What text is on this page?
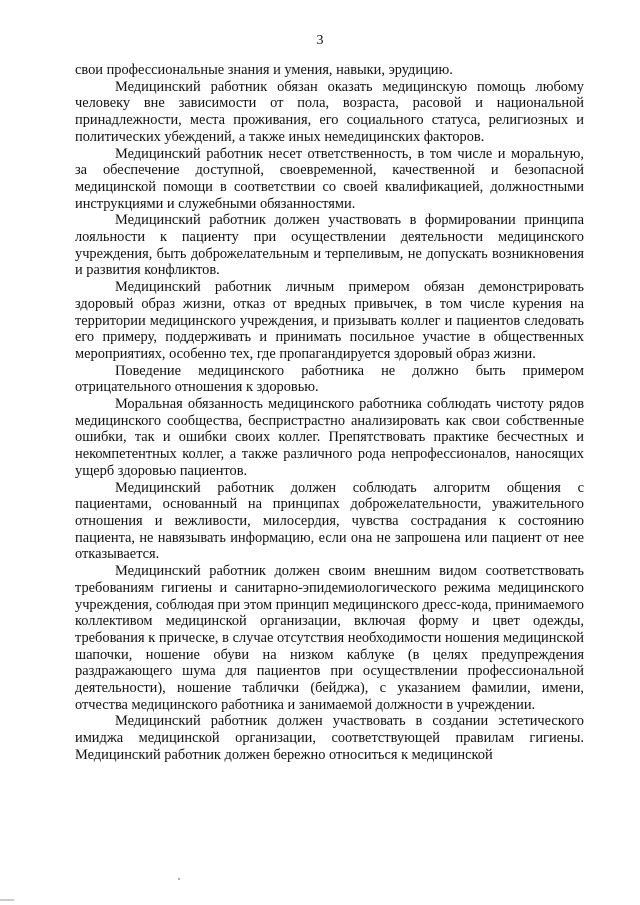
3

свои профессиональные знания и умения, навыки, эрудицию.

Медицинский работник обязан оказать медицинскую помощь любому человеку вне зависимости от пола, возраста, расовой и национальной принадлежности, места проживания, его социального статуса, религиозных и политических убеждений, а также иных немедицинских факторов.

Медицинский работник несет ответственность, в том числе и моральную, за обеспечение доступной, своевременной, качественной и безопасной медицинской помощи в соответствии со своей квалификацией, должностными инструкциями и служебными обязанностями.

Медицинский работник должен участвовать в формировании принципа лояльности к пациенту при осуществлении деятельности медицинского учреждения, быть доброжелательным и терпеливым, не допускать возникновения и развития конфликтов.

Медицинский работник личным примером обязан демонстрировать здоровый образ жизни, отказ от вредных привычек, в том числе курения на территории медицинского учреждения, и призывать коллег и пациентов следовать его примеру, поддерживать и принимать посильное участие в общественных мероприятиях, особенно тех, где пропагандируется здоровый образ жизни.

Поведение медицинского работника не должно быть примером отрицательного отношения к здоровью.

Моральная обязанность медицинского работника соблюдать чистоту рядов медицинского сообщества, беспристрастно анализировать как свои собственные ошибки, так и ошибки своих коллег. Препятствовать практике бесчестных и некомпетентных коллег, а также различного рода непрофессионалов, наносящих ущерб здоровью пациентов.

Медицинский работник должен соблюдать алгоритм общения с пациентами, основанный на принципах доброжелательности, уважительного отношения и вежливости, милосердия, чувства сострадания к состоянию пациента, не навязывать информацию, если она не запрошена или пациент от нее отказывается.

Медицинский работник должен своим внешним видом соответствовать требованиям гигиены и санитарно-эпидемиологического режима медицинского учреждения, соблюдая при этом принцип медицинского дресс-кода, принимаемого коллективом медицинской организации, включая форму и цвет одежды, требования к прическе, в случае отсутствия необходимости ношения медицинской шапочки, ношение обуви на низком каблуке (в целях предупреждения раздражающего шума для пациентов при осуществлении профессиональной деятельности), ношение таблички (бейджа), с указанием фамилии, имени, отчества медицинского работника и занимаемой должности в учреждении.

Медицинский работник должен участвовать в создании эстетического имиджа медицинской организации, соответствующей правилам гигиены. Медицинский работник должен бережно относиться к медицинской
